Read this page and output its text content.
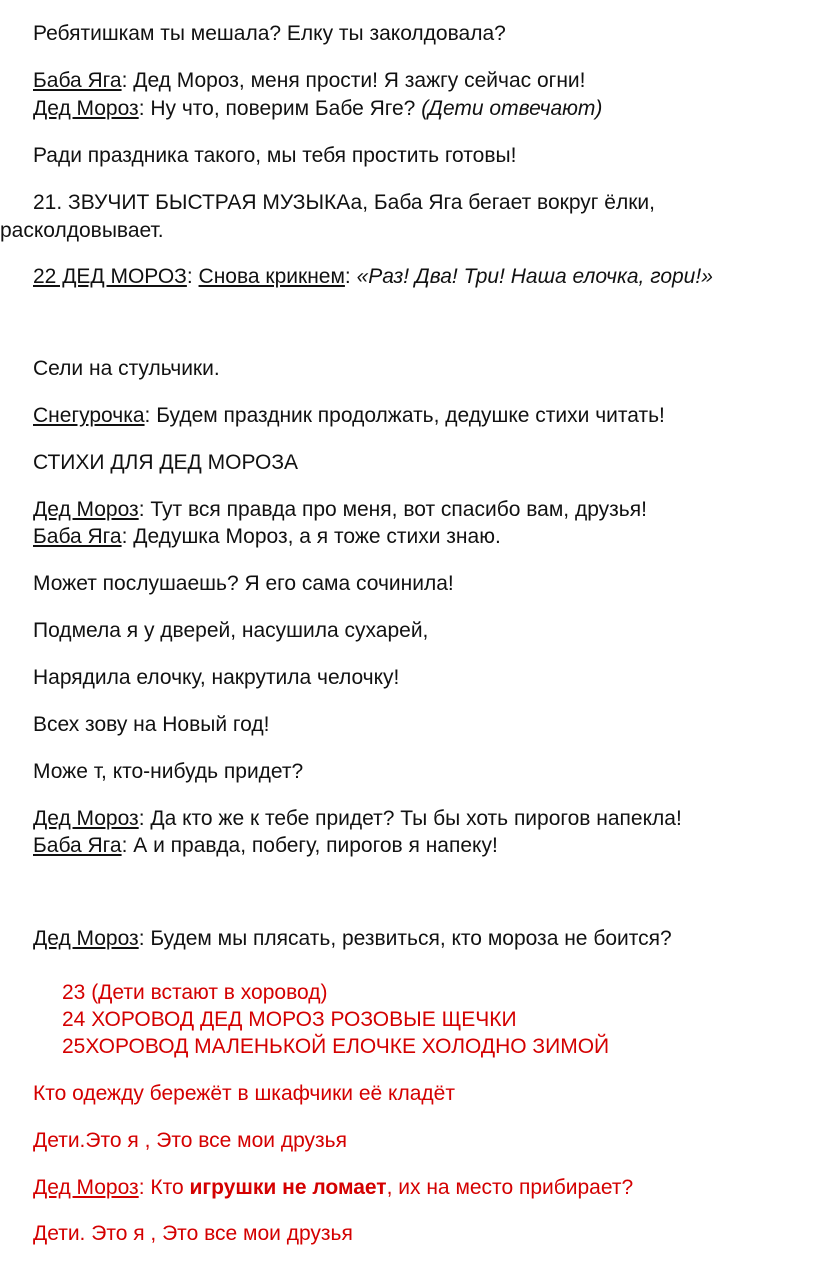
Ребятишкам ты мешала? Елку ты заколдовала?
Баба Яга: Дед Мороз, меня прости! Я зажгу сейчас огни!
Дед Мороз: Ну что, поверим Бабе Яге? (Дети отвечают)
Ради праздника такого, мы тебя простить готовы!
21. ЗВУЧИТ БЫСТРАЯ МУЗЫКАа, Баба Яга бегает вокруг ёлки,
расколдовывает.
22 ДЕД МОРОЗ: Снова крикнем: «Раз! Два! Три! Наша елочка, гори!»
Сели на стульчики.
Снегурочка: Будем праздник продолжать, дедушке стихи читать!
СТИХИ ДЛЯ ДЕД МОРОЗА
Дед Мороз: Тут вся правда про меня, вот спасибо вам, друзья!
Баба Яга: Дедушка Мороз, а я тоже стихи знаю.
Может послушаешь? Я его сама сочинила!
Подмела я у дверей, насушила сухарей,
Нарядила елочку, накрутила челочку!
Всех зову на Новый год!
Може т, кто-нибудь придет?
Дед Мороз: Да кто же к тебе придет? Ты бы хоть пирогов напекла!
Баба Яга: А и правда, побегу, пирогов я напеку!
Дед Мороз: Будем мы плясать, резвиться, кто мороза не боится?
23 (Дети встают в хоровод)
24 ХОРОВОД ДЕД МОРОЗ РОЗОВЫЕ ЩЕЧКИ
25ХОРОВОД МАЛЕНЬКОЙ ЕЛОЧКЕ ХОЛОДНО ЗИМОЙ
Кто одежду бережёт в шкафчики её кладёт
Дети.Это я , Это все мои друзья
Дед Мороз: Кто игрушки не ломает, их на место прибирает?
Дети. Это я , Это все мои друзья
